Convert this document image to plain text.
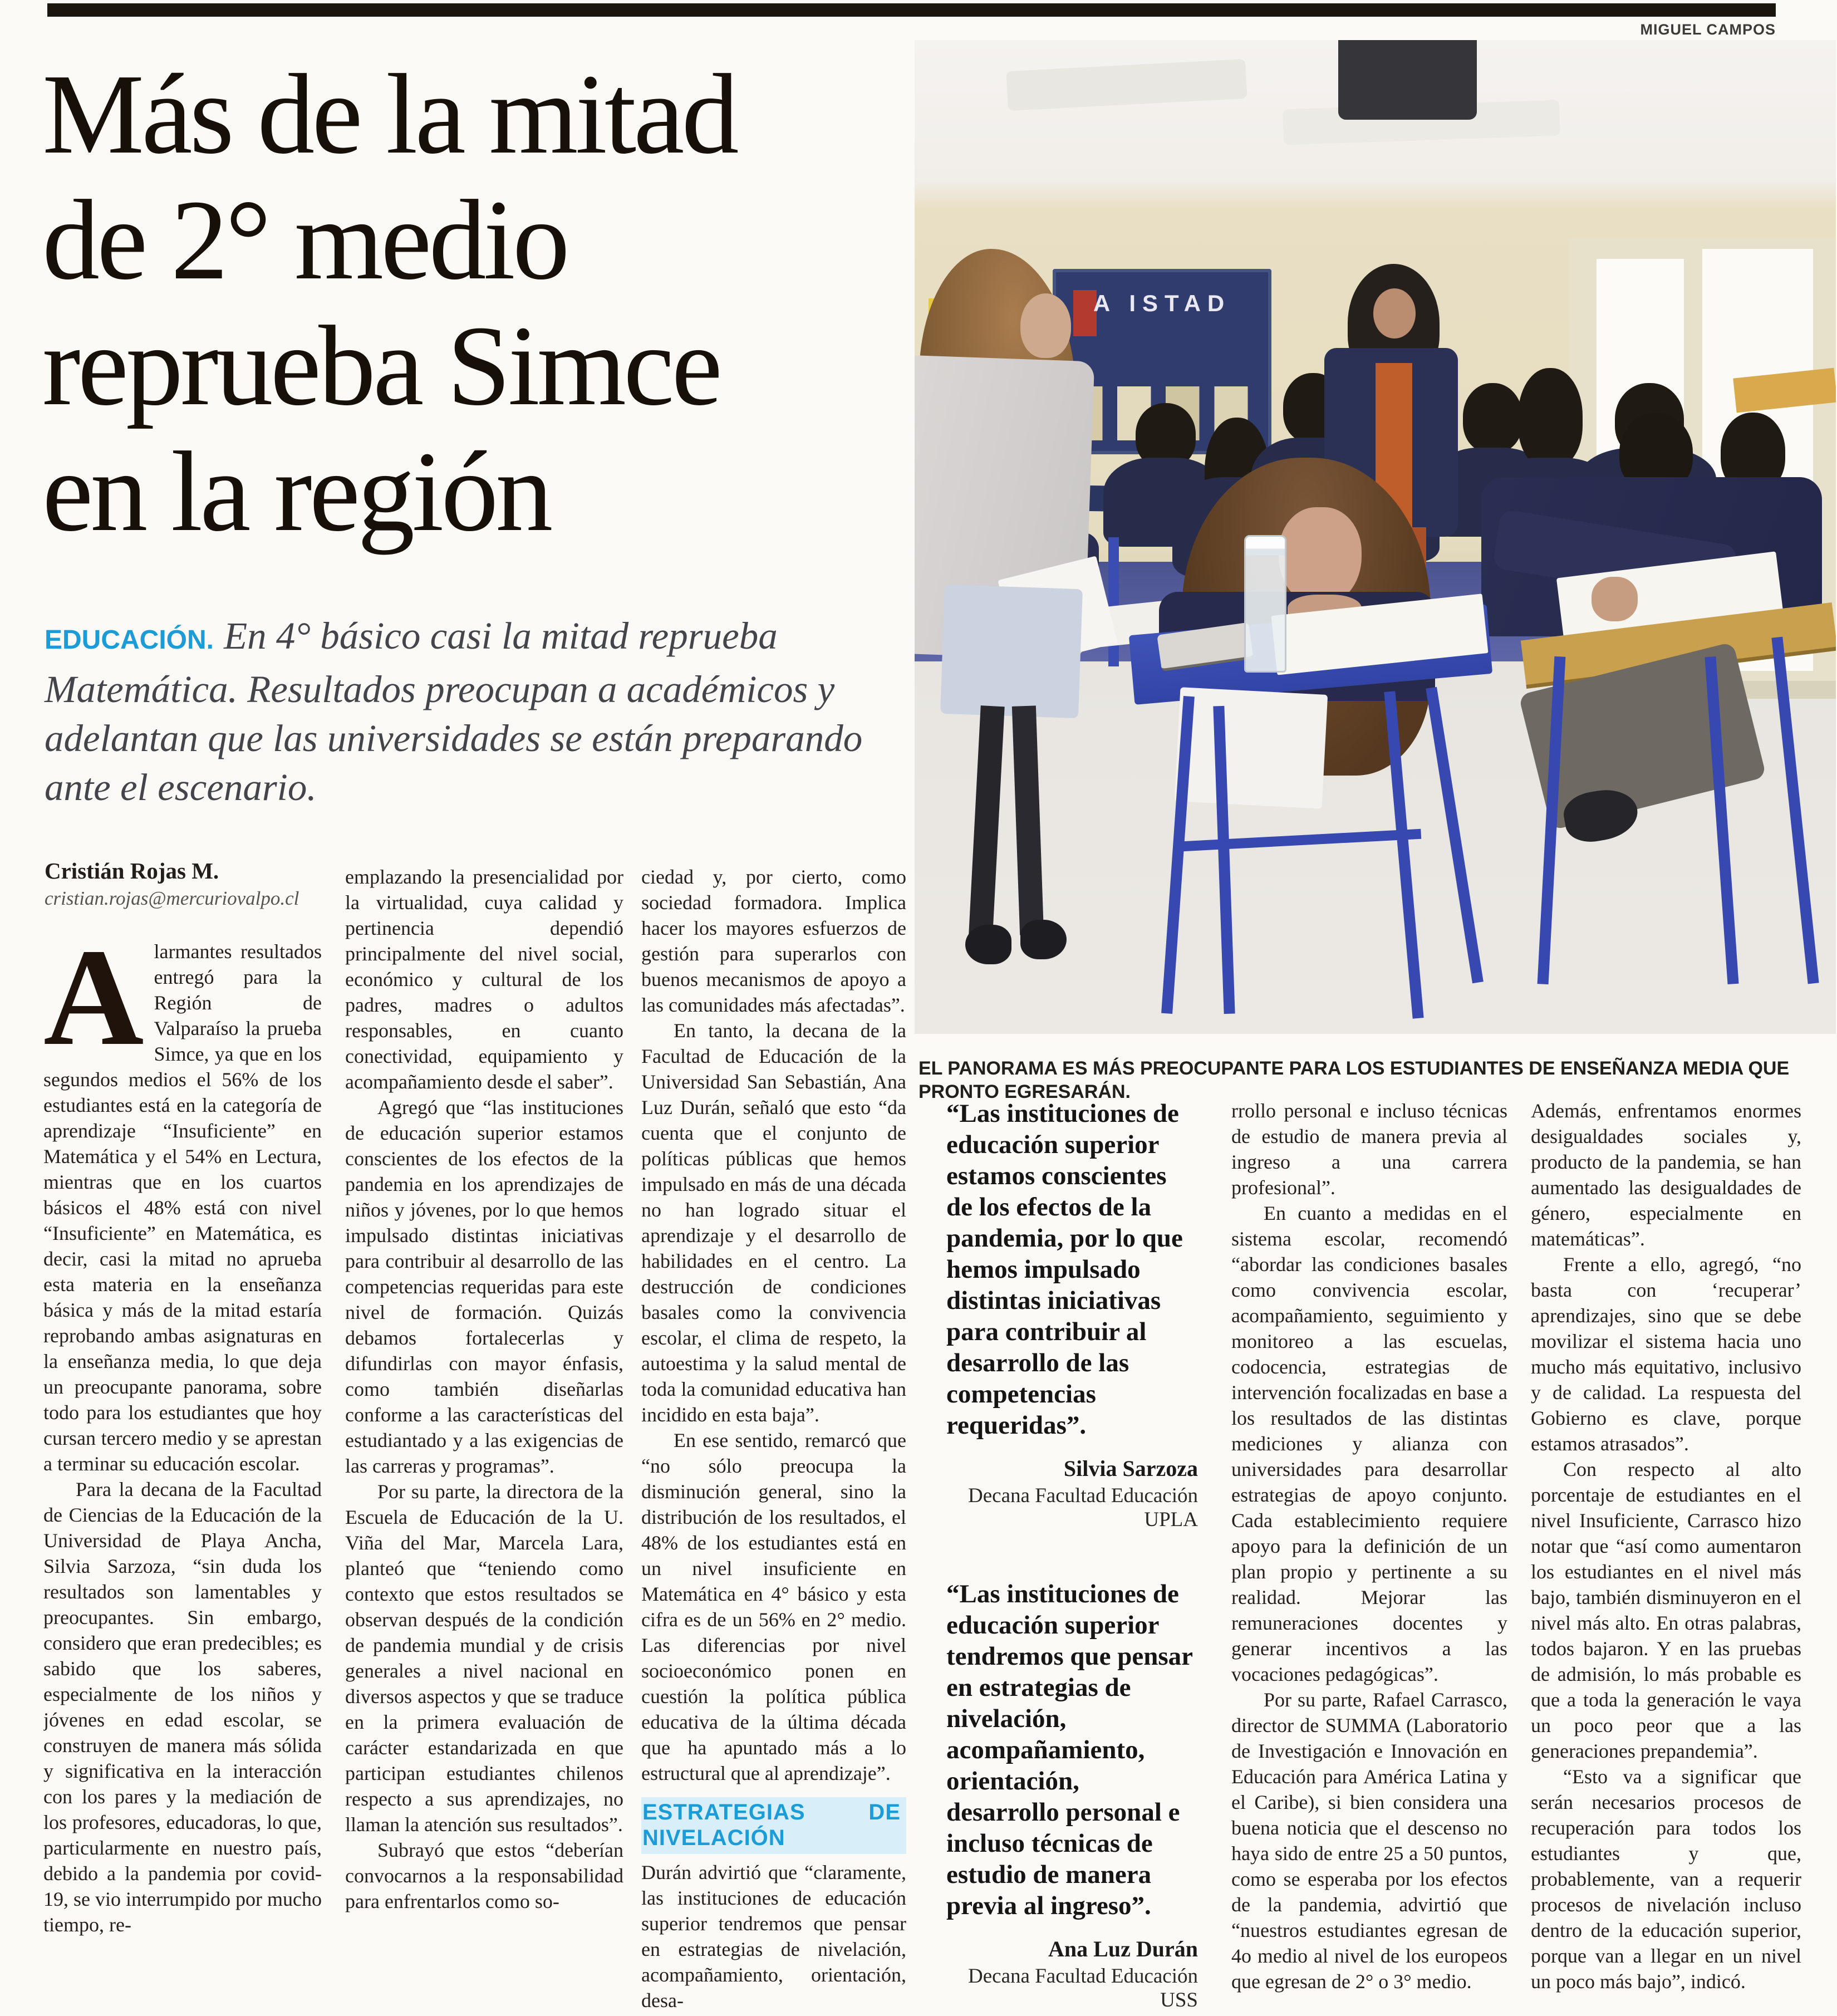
MIGUEL CAMPOS
Más de la mitad
de 2° medio
reprueba Simce
en la región
EDUCACIÓN. En 4° básico casi la mitad reprueba Matemática. Resultados preocupan a académicos y adelantan que las universidades se están preparando ante el escenario.
A ISTAD
EL PANORAMA ES MÁS PREOCUPANTE PARA LOS ESTUDIANTES DE ENSEÑANZA MEDIA QUE PRONTO EGRESARÁN.
Cristián Rojas M.
cristian.rojas@mercuriovalpo.cl

Alarmantes resultados entregó para la Región de Valparaíso la prueba Simce, ya que en los segundos medios el 56% de los estudiantes está en la categoría de aprendizaje “Insuficiente” en Matemática y el 54% en Lectura, mientras que en los cuartos básicos el 48% está con nivel “Insuficiente” en Matemática, es decir, casi la mitad no aprueba esta materia en la enseñanza básica y más de la mitad estaría reprobando ambas asignaturas en la enseñanza media, lo que deja un preocupante panorama, sobre todo para los estudiantes que hoy cursan tercero medio y se aprestan a terminar su educación escolar.

Para la decana de la Facultad de Ciencias de la Educación de la Universidad de Playa Ancha, Silvia Sarzoza, “sin duda los resultados son lamentables y preocupantes. Sin embargo, considero que eran predecibles; es sabido que los saberes, especialmente de los niños y jóvenes en edad escolar, se construyen de manera más sólida y significativa en la interacción con los pares y la mediación de los profesores, educadoras, lo que, particularmente en nuestro país, debido a la pandemia por covid-19, se vio interrumpido por mucho tiempo, re-

emplazando la presencialidad por la virtualidad, cuya calidad y pertinencia dependió principalmente del nivel social, económico y cultural de los padres, madres o adultos responsables, en cuanto conectividad, equipamiento y acompañamiento desde el saber”.

Agregó que “las instituciones de educación superior estamos conscientes de los efectos de la pandemia en los aprendizajes de niños y jóvenes, por lo que hemos impulsado distintas iniciativas para contribuir al desarrollo de las competencias requeridas para este nivel de formación. Quizás debamos fortalecerlas y difundirlas con mayor énfasis, como también diseñarlas conforme a las características del estudiantado y a las exigencias de las carreras y programas”.

Por su parte, la directora de la Escuela de Educación de la U. Viña del Mar, Marcela Lara, planteó que “teniendo como contexto que estos resultados se observan después de la condición de pandemia mundial y de crisis generales a nivel nacional en diversos aspectos y que se traduce en la primera evaluación de carácter estandarizada en que participan estudiantes chilenos respecto a sus aprendizajes, no llaman la atención sus resultados”.

Subrayó que estos “deberían convocarnos a la responsabilidad para enfrentarlos como so-

ciedad y, por cierto, como sociedad formadora. Implica hacer los mayores esfuerzos de gestión para superarlos con buenos mecanismos de apoyo a las comunidades más afectadas”.

En tanto, la decana de la Facultad de Educación de la Universidad San Sebastián, Ana Luz Durán, señaló que esto “da cuenta que el conjunto de políticas públicas que hemos impulsado en más de una década no han logrado situar el aprendizaje y el desarrollo de habilidades en el centro. La destrucción de condiciones basales como la convivencia escolar, el clima de respeto, la autoestima y la salud mental de toda la comunidad educativa han incidido en esta baja”.

En ese sentido, remarcó que “no sólo preocupa la disminución general, sino la distribución de los resultados, el 48% de los estudiantes está en un nivel insuficiente en Matemática en 4° básico y esta cifra es de un 56% en 2° medio. Las diferencias por nivel socioeconómico ponen en cuestión la política pública educativa de la última década que ha apuntado más a lo estructural que al aprendizaje”.

ESTRATEGIAS DE NIVELACIÓN

Durán advirtió que “claramente, las instituciones de educación superior tendremos que pensar en estrategias de nivelación, acompañamiento, orientación, desa-

“Las instituciones de educación superior estamos conscientes de los efectos de la pandemia, por lo que hemos impulsado distintas iniciativas para contribuir al desarrollo de las competencias requeridas”.
Silvia Sarzoza
Decana Facultad Educación UPLA
“Las instituciones de educación superior tendremos que pensar en estrategias de nivelación, acompañamiento, orientación, desarrollo personal e incluso técnicas de estudio de manera previa al ingreso”.
Ana Luz Durán
Decana Facultad Educación USS

rrollo personal e incluso técnicas de estudio de manera previa al ingreso a una carrera profesional”.

En cuanto a medidas en el sistema escolar, recomendó “abordar las condiciones basales como convivencia escolar, acompañamiento, seguimiento y monitoreo a las escuelas, codocencia, estrategias de intervención focalizadas en base a los resultados de las distintas mediciones y alianza con universidades para desarrollar estrategias de apoyo conjunto. Cada establecimiento requiere apoyo para la definición de un plan propio y pertinente a su realidad. Mejorar las remuneraciones docentes y generar incentivos a las vocaciones pedagógicas”.

Por su parte, Rafael Carrasco, director de SUMMA (Laboratorio de Investigación e Innovación en Educación para América Latina y el Caribe), si bien considera una buena noticia que el descenso no haya sido de entre 25 a 50 puntos, como se esperaba por los efectos de la pandemia, advirtió que “nuestros estudiantes egresan de 4o medio al nivel de los europeos que egresan de 2° o 3° medio.

Además, enfrentamos enormes desigualdades sociales y, producto de la pandemia, se han aumentado las desigualdades de género, especialmente en matemáticas”.

Frente a ello, agregó, “no basta con ‘recuperar’ aprendizajes, sino que se debe movilizar el sistema hacia uno mucho más equitativo, inclusivo y de calidad. La respuesta del Gobierno es clave, porque estamos atrasados”.

Con respecto al alto porcentaje de estudiantes en el nivel Insuficiente, Carrasco hizo notar que “así como aumentaron los estudiantes en el nivel más bajo, también disminuyeron en el nivel más alto. En otras palabras, todos bajaron. Y en las pruebas de admisión, lo más probable es que a toda la generación le vaya un poco peor que a las generaciones prepandemia”.

“Esto va a significar que serán necesarios procesos de recuperación para todos los estudiantes y que, probablemente, van a requerir procesos de nivelación incluso dentro de la educación superior, porque van a llegar en un nivel un poco más bajo”, indicó.
